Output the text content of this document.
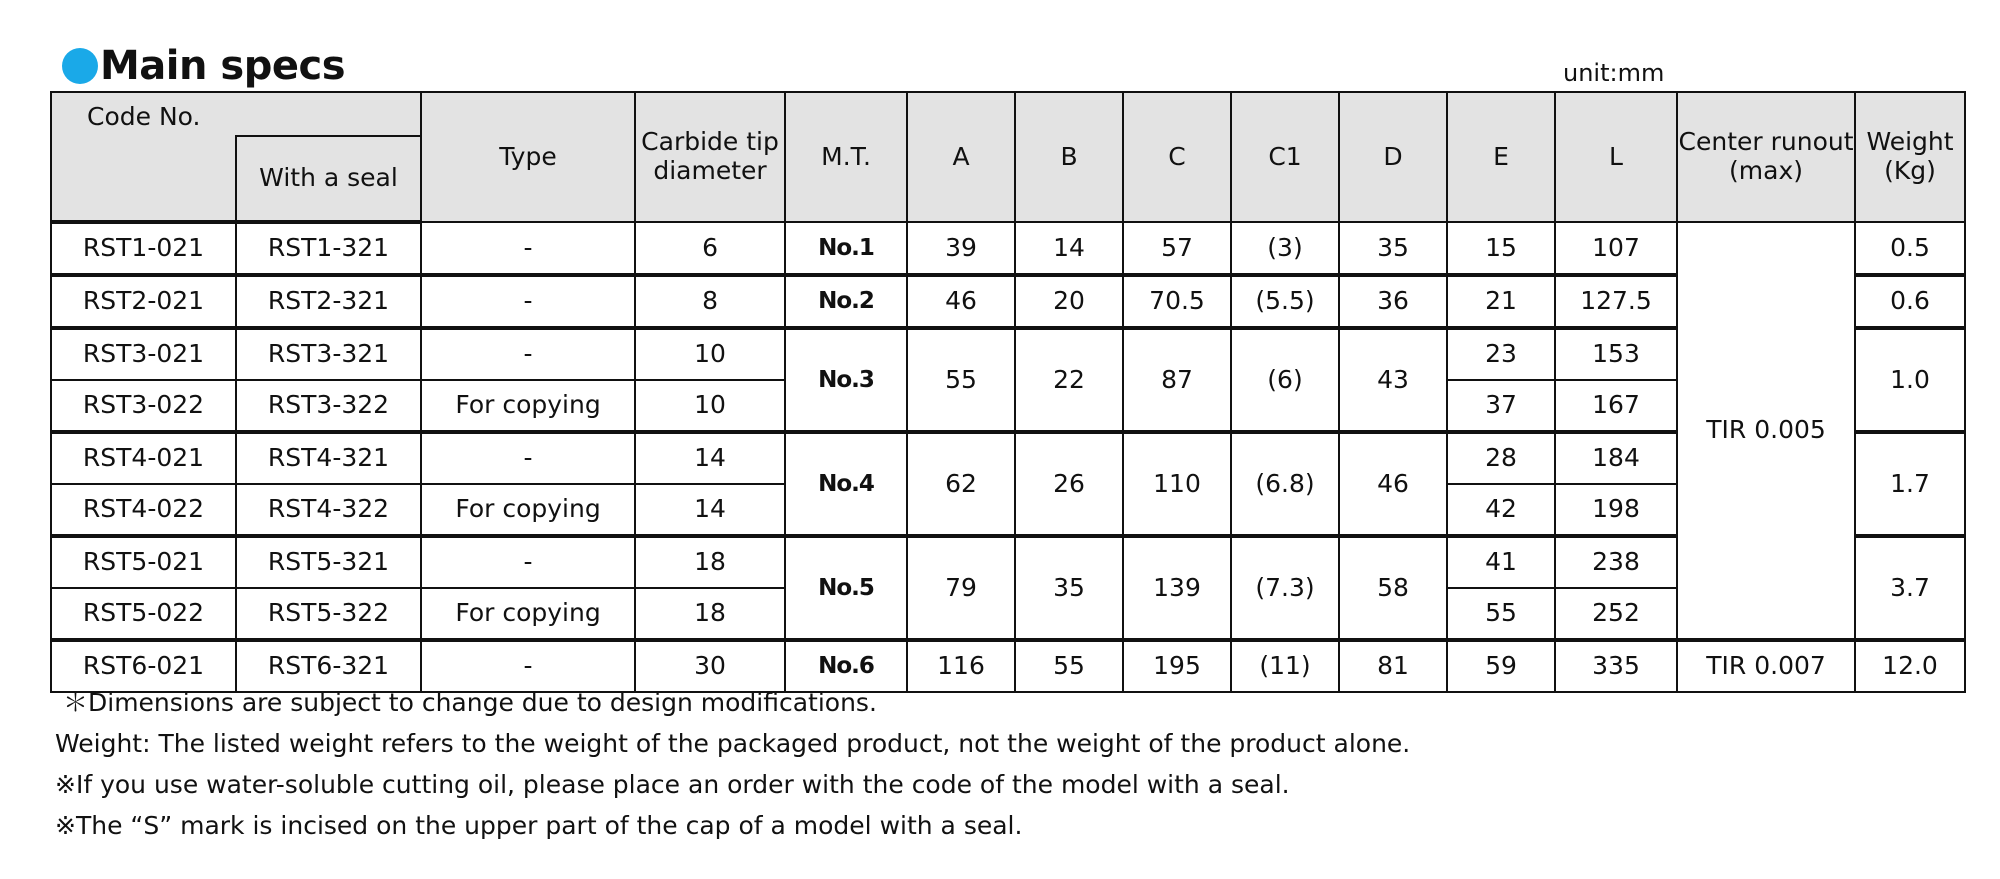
Main specs	unit:mm
Code No.		Type	Carbide tip diameter	M.T.	A	B	C	C1	D	E	L	Center runout (max)	Weight (Kg)
	With a seal												
RST1-021	RST1-321	-	6	No.1	39	14	57	(3)	35	15	107	TIR 0.005	0.5
RST2-021	RST2-321	-	8	No.2	46	20	70.5	(5.5)	36	21	127.5		0.6
RST3-021	RST3-321	-	10	No.3	55	22	87	(6)	43	23	153		1.0
RST3-022	RST3-322	For copying	10							37	167		
RST4-021	RST4-321	-	14	No.4	62	26	110	(6.8)	46	28	184		1.7
RST4-022	RST4-322	For copying	14							42	198		
RST5-021	RST5-321	-	18	No.5	79	35	139	(7.3)	58	41	238		3.7
RST5-022	RST5-322	For copying	18							55	252		
RST6-021	RST6-321	-	30	No.6	116	55	195	(11)	81	59	335	TIR 0.007	12.0
＊Dimensions are subject to change due to design modifications.
Weight: The listed weight refers to the weight of the packaged product, not the weight of the product alone.
※If you use water-soluble cutting oil, please place an order with the code of the model with a seal.
※The “S” mark is incised on the upper part of the cap of a model with a seal.
